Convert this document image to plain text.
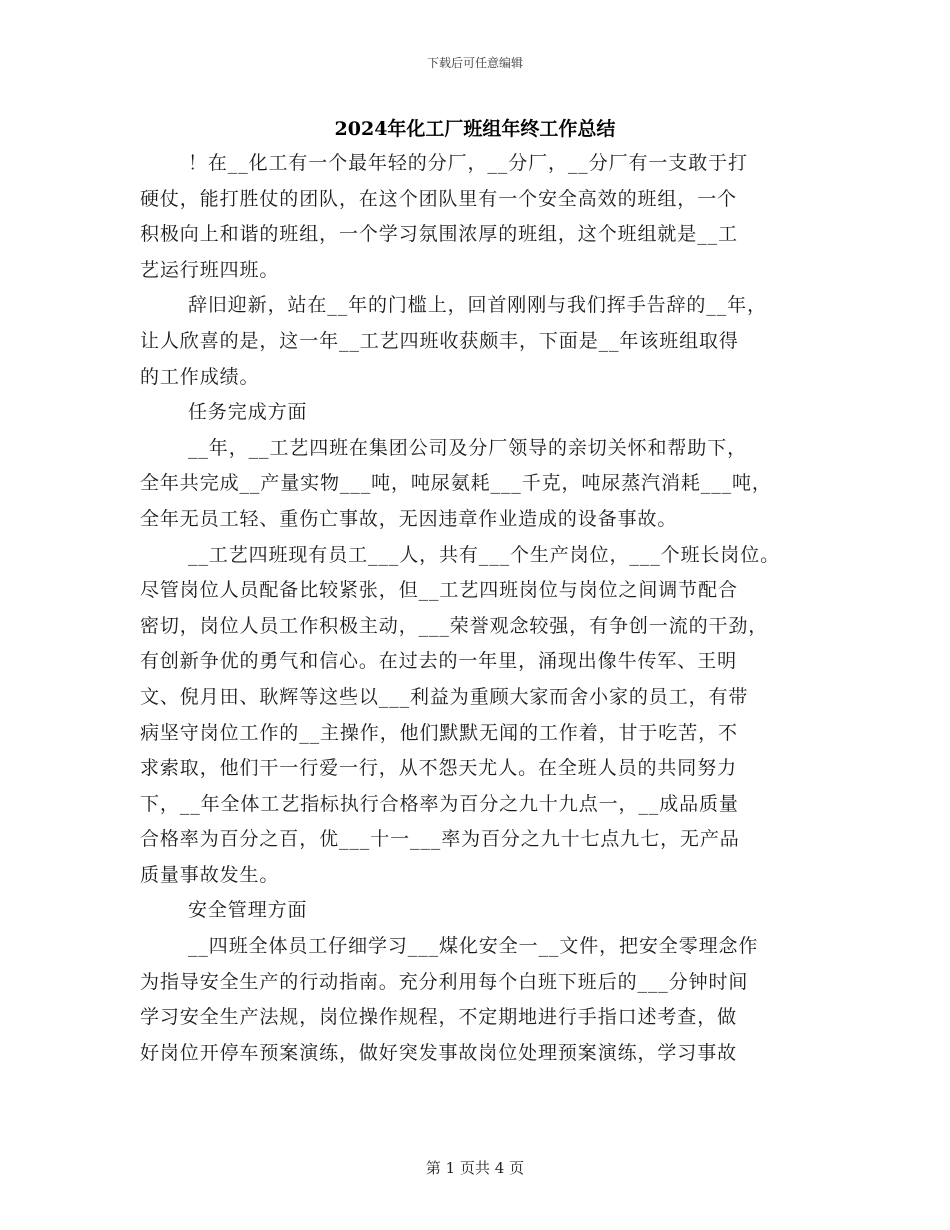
下载后可任意编辑
2024年化工厂班组年终工作总结
！在__化工有一个最年轻的分厂，__分厂，__分厂有一支敢于打
硬仗，能打胜仗的团队，在这个团队里有一个安全高效的班组，一个
积极向上和谐的班组，一个学习氛围浓厚的班组，这个班组就是__工
艺运行班四班。
辞旧迎新，站在__年的门槛上，回首刚刚与我们挥手告辞的__年，
让人欣喜的是，这一年__工艺四班收获颇丰，下面是__年该班组取得
的工作成绩。
任务完成方面
__年，__工艺四班在集团公司及分厂领导的亲切关怀和帮助下，
全年共完成__产量实物___吨，吨尿氨耗___千克，吨尿蒸汽消耗___吨，
全年无员工轻、重伤亡事故，无因违章作业造成的设备事故。
__工艺四班现有员工___人，共有___个生产岗位，___个班长岗位。
尽管岗位人员配备比较紧张，但__工艺四班岗位与岗位之间调节配合
密切，岗位人员工作积极主动，___荣誉观念较强，有争创一流的干劲，
有创新争优的勇气和信心。在过去的一年里，涌现出像牛传军、王明
文、倪月田、耿辉等这些以___利益为重顾大家而舍小家的员工，有带
病坚守岗位工作的__主操作，他们默默无闻的工作着，甘于吃苦，不
求索取，他们干一行爱一行，从不怨天尤人。在全班人员的共同努力
下，__年全体工艺指标执行合格率为百分之九十九点一，__成品质量
合格率为百分之百，优___十一___率为百分之九十七点九七，无产品
质量事故发生。
安全管理方面
__四班全体员工仔细学习___煤化安全一__文件，把安全零理念作
为指导安全生产的行动指南。充分利用每个白班下班后的___分钟时间
学习安全生产法规，岗位操作规程，不定期地进行手指口述考查，做
好岗位开停车预案演练，做好突发事故岗位处理预案演练，学习事故
第 1 页共 4 页
